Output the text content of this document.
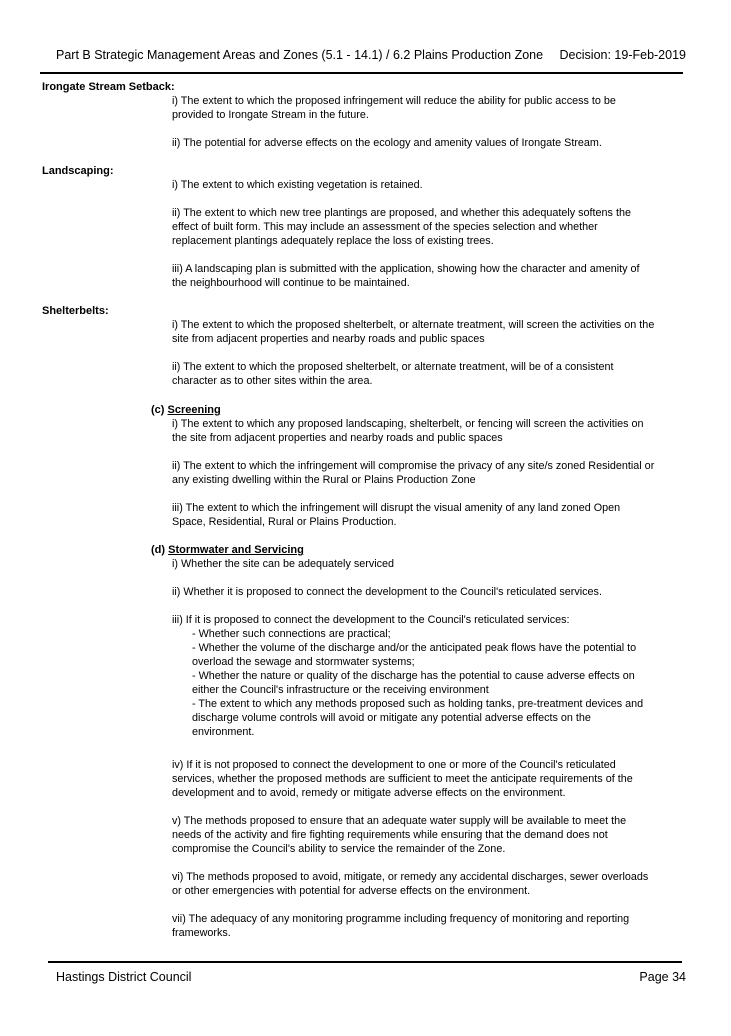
Part B Strategic Management Areas and Zones (5.1 - 14.1) / 6.2 Plains Production Zone Decision: 19-Feb-2019
Irongate Stream Setback:
i) The extent to which the proposed infringement will reduce the ability for public access to be provided to Irongate Stream in the future.
ii) The potential for adverse effects on the ecology and amenity values of Irongate Stream.
Landscaping:
i) The extent to which existing vegetation is retained.
ii) The extent to which new tree plantings are proposed, and whether this adequately softens the effect of built form. This may include an assessment of the species selection and whether replacement plantings adequately replace the loss of existing trees.
iii) A landscaping plan is submitted with the application, showing how the character and amenity of the neighbourhood will continue to be maintained.
Shelterbelts:
i) The extent to which the proposed shelterbelt, or alternate treatment, will screen the activities on the site from adjacent properties and nearby roads and public spaces
ii) The extent to which the proposed shelterbelt, or alternate treatment, will be of a consistent character as to other sites within the area.
(c) Screening
i) The extent to which any proposed landscaping, shelterbelt, or fencing will screen the activities on the site from adjacent properties and nearby roads and public spaces
ii) The extent to which the infringement will compromise the privacy of any site/s zoned Residential or any existing dwelling within the Rural or Plains Production Zone
iii) The extent to which the infringement will disrupt the visual amenity of any land zoned Open Space, Residential, Rural or Plains Production.
(d) Stormwater and Servicing
i) Whether the site can be adequately serviced
ii) Whether it is proposed to connect the development to the Council's reticulated services.
iii) If it is proposed to connect the development to the Council's reticulated services:
- Whether such connections are practical;
- Whether the volume of the discharge and/or the anticipated peak flows have the potential to overload the sewage and stormwater systems;
- Whether the nature or quality of the discharge has the potential to cause adverse effects on either the Council's infrastructure or the receiving environment
- The extent to which any methods proposed such as holding tanks, pre-treatment devices and discharge volume controls will avoid or mitigate any potential adverse effects on the environment.
iv) If it is not proposed to connect the development to one or more of the Council's reticulated services, whether the proposed methods are sufficient to meet the anticipate requirements of the development and to avoid, remedy or mitigate adverse effects on the environment.
v) The methods proposed to ensure that an adequate water supply will be available to meet the needs of the activity and fire fighting requirements while ensuring that the demand does not compromise the Council's ability to service the remainder of the Zone.
vi) The methods proposed to avoid, mitigate, or remedy any accidental discharges, sewer overloads or other emergencies with potential for adverse effects on the environment.
vii) The adequacy of any monitoring programme including frequency of monitoring and reporting frameworks.
Hastings District Council	Page 34
